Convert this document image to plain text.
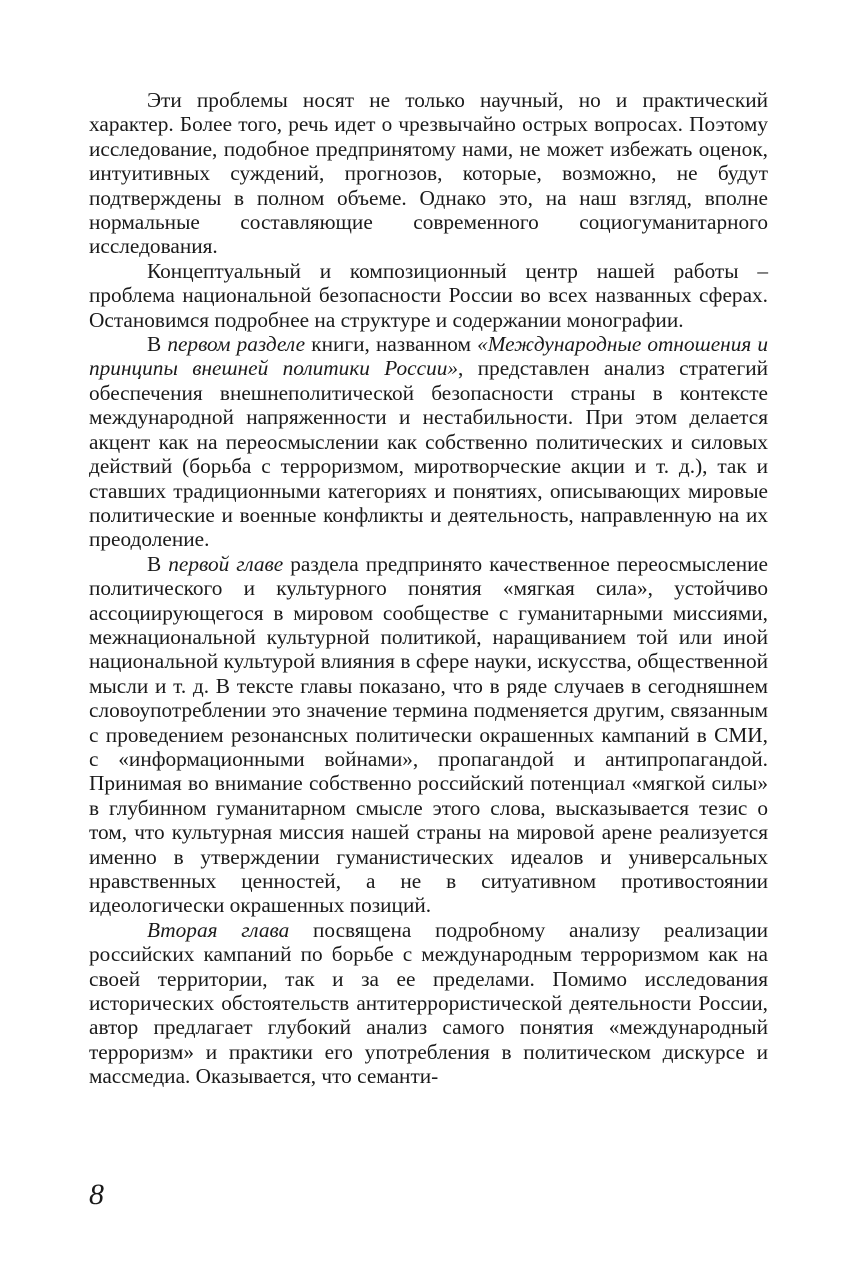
Эти проблемы носят не только научный, но и практический характер. Более того, речь идет о чрезвычайно острых вопросах. Поэтому исследование, подобное предпринятому нами, не может избежать оценок, интуитивных суждений, прогнозов, которые, возможно, не будут подтверждены в полном объеме. Однако это, на наш взгляд, вполне нормальные составляющие современного социогуманитарного исследования.

Концептуальный и композиционный центр нашей работы – проблема национальной безопасности России во всех названных сферах. Остановимся подробнее на структуре и содержании монографии.

В первом разделе книги, названном «Международные отношения и принципы внешней политики России», представлен анализ стратегий обеспечения внешнеполитической безопасности страны в контексте международной напряженности и нестабильности. При этом делается акцент как на переосмыслении как собственно политических и силовых действий (борьба с терроризмом, миротворческие акции и т. д.), так и ставших традиционными категориях и понятиях, описывающих мировые политические и военные конфликты и деятельность, направленную на их преодоление.

В первой главе раздела предпринято качественное переосмысление политического и культурного понятия «мягкая сила», устойчиво ассоциирующегося в мировом сообществе с гуманитарными миссиями, межнациональной культурной политикой, наращиванием той или иной национальной культурой влияния в сфере науки, искусства, общественной мысли и т. д. В тексте главы показано, что в ряде случаев в сегодняшнем словоупотреблении это значение термина подменяется другим, связанным с проведением резонансных политически окрашенных кампаний в СМИ, с «информационными войнами», пропагандой и антипропагандой. Принимая во внимание собственно российский потенциал «мягкой силы» в глубинном гуманитарном смысле этого слова, высказывается тезис о том, что культурная миссия нашей страны на мировой арене реализуется именно в утверждении гуманистических идеалов и универсальных нравственных ценностей, а не в ситуативном противостоянии идеологически окрашенных позиций.

Вторая глава посвящена подробному анализу реализации российских кампаний по борьбе с международным терроризмом как на своей территории, так и за ее пределами. Помимо исследования исторических обстоятельств антитеррористической деятельности России, автор предлагает глубокий анализ самого понятия «международный терроризм» и практики его употребления в политическом дискурсе и массмедиа. Оказывается, что семанти-

8
